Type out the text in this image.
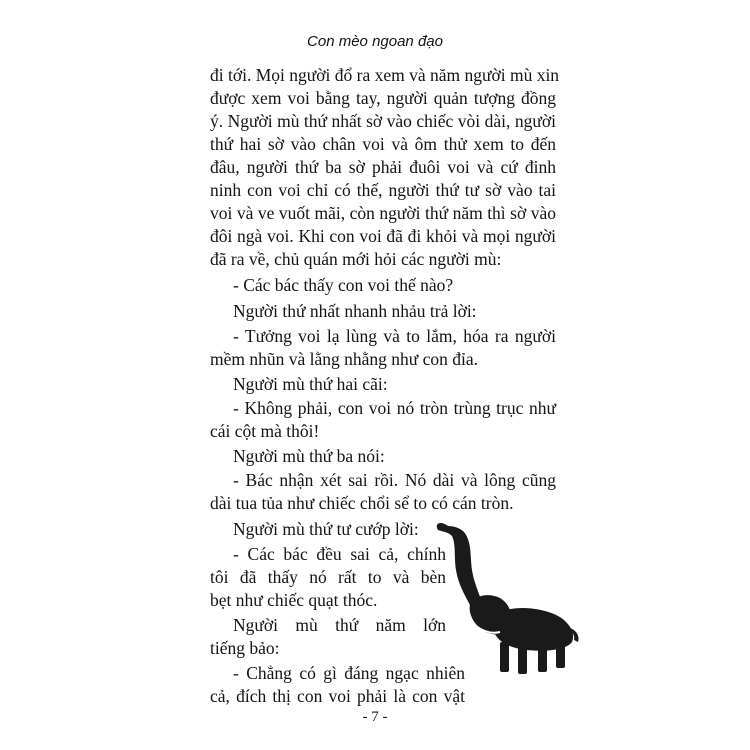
Con mèo ngoan đạo
đi tới. Mọi người đổ ra xem và năm người mù xin
được xem voi bằng tay, người quản tượng đồng
ý. Người mù thứ nhất sờ vào chiếc vòi dài, người
thứ hai sờ vào chân voi và ôm thử xem to đến
đâu, người thứ ba sờ phải đuôi voi và cứ đinh
ninh con voi chỉ có thế, người thứ tư sờ vào tai
voi và ve vuốt mãi, còn người thứ năm thì sờ vào
đôi ngà voi. Khi con voi đã đi khỏi và mọi người
đã ra về, chủ quán mới hỏi các người mù:
- Các bác thấy con voi thế nào?
Người thứ nhất nhanh nhảu trả lời:
- Tưởng voi lạ lùng và to lắm, hóa ra người
mềm nhũn và lằng nhằng như con đỉa.
Người mù thứ hai cãi:
- Không phải, con voi nó tròn trùng trục như
cái cột mà thôi!
Người mù thứ ba nói:
- Bác nhận xét sai rồi. Nó dài và lông cũng
dài tua tủa như chiếc chổi sể to có cán tròn.
Người mù thứ tư cướp lời:
- Các bác đều sai cả, chính
tôi đã thấy nó rất to và bèn
bẹt như chiếc quạt thóc.
Người mù thứ năm lớn
tiếng bảo:
- Chẳng có gì đáng ngạc nhiên
cả, đích thị con voi phải là con vật
- 7 -
